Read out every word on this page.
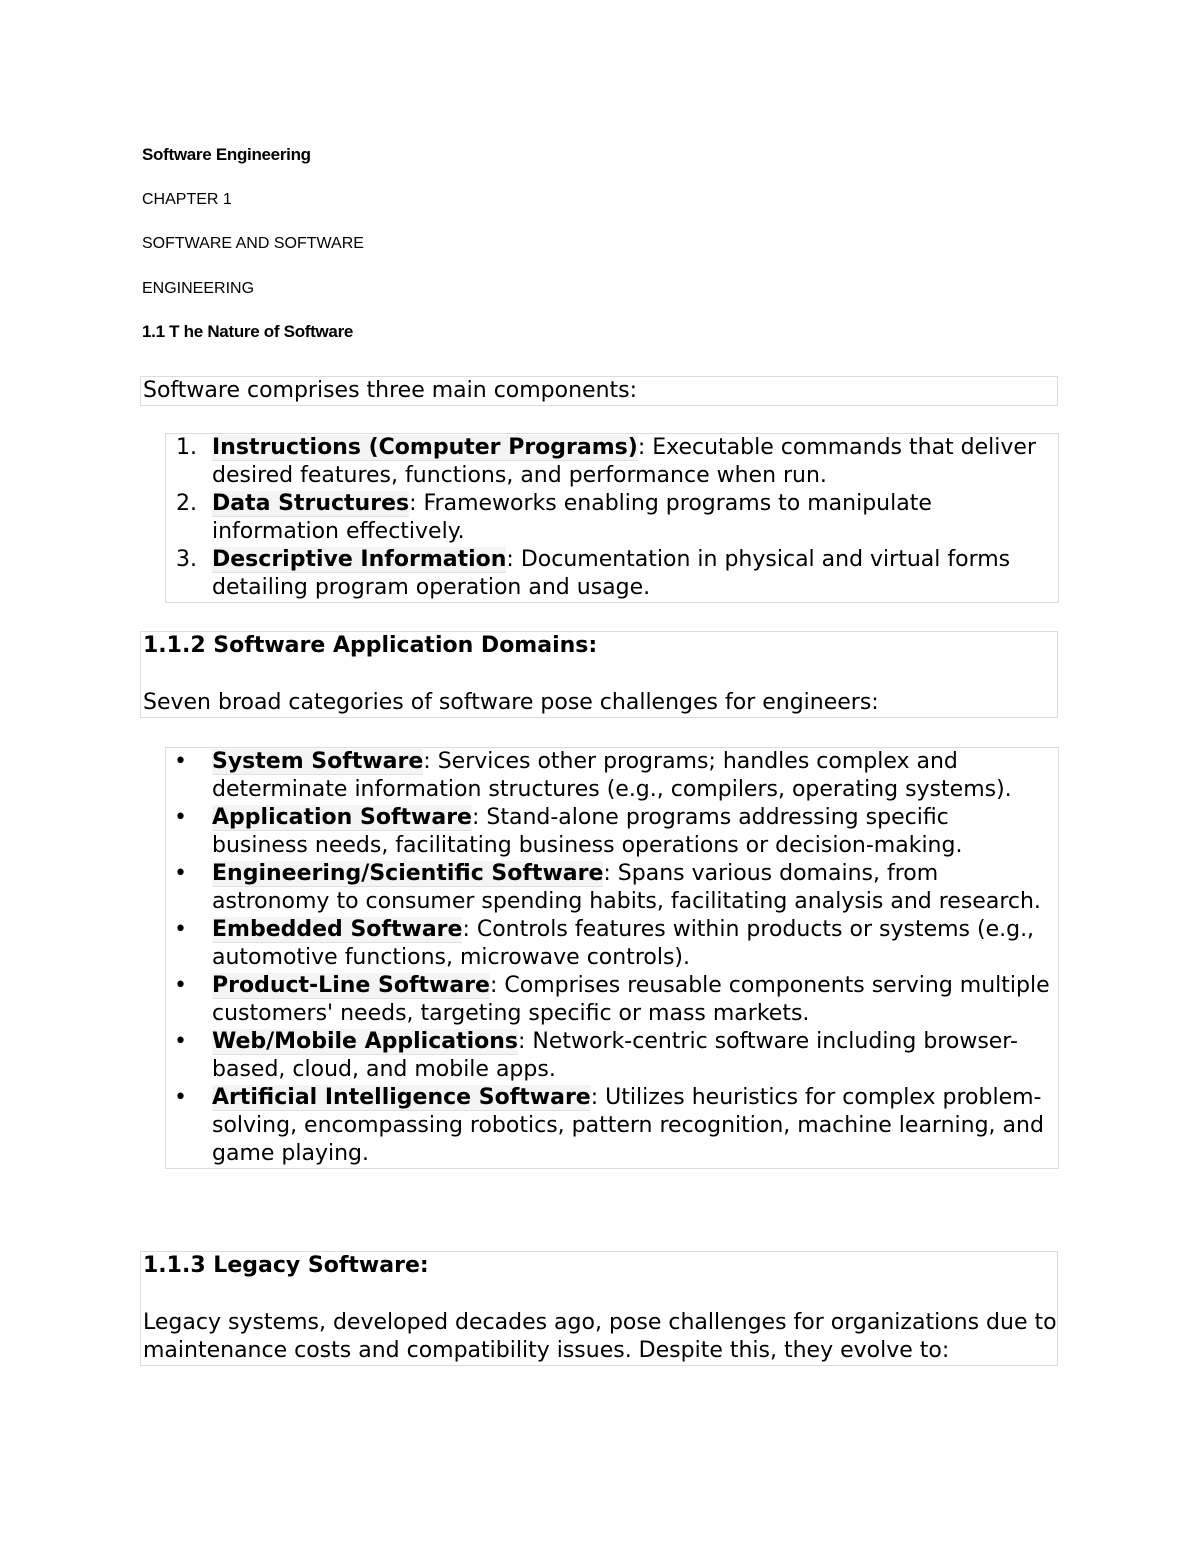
Software Engineering
CHAPTER 1
SOFTWARE AND SOFTWARE
ENGINEERING
1.1 T he Nature of Software

Software comprises three main components:

1. Instructions (Computer Programs): Executable commands that deliver desired features, functions, and performance when run.
2. Data Structures: Frameworks enabling programs to manipulate information effectively.
3. Descriptive Information: Documentation in physical and virtual forms detailing program operation and usage.
1.1.2 Software Application Domains:

Seven broad categories of software pose challenges for engineers:

• System Software: Services other programs; handles complex and determinate information structures (e.g., compilers, operating systems).
• Application Software: Stand-alone programs addressing specific business needs, facilitating business operations or decision-making.
• Engineering/Scientific Software: Spans various domains, from astronomy to consumer spending habits, facilitating analysis and research.
• Embedded Software: Controls features within products or systems (e.g., automotive functions, microwave controls).
• Product-Line Software: Comprises reusable components serving multiple customers' needs, targeting specific or mass markets.
• Web/Mobile Applications: Network-centric software including browser-based, cloud, and mobile apps.
• Artificial Intelligence Software: Utilizes heuristics for complex problem-solving, encompassing robotics, pattern recognition, machine learning, and game playing.
1.1.3 Legacy Software:

Legacy systems, developed decades ago, pose challenges for organizations due to maintenance costs and compatibility issues. Despite this, they evolve to:
